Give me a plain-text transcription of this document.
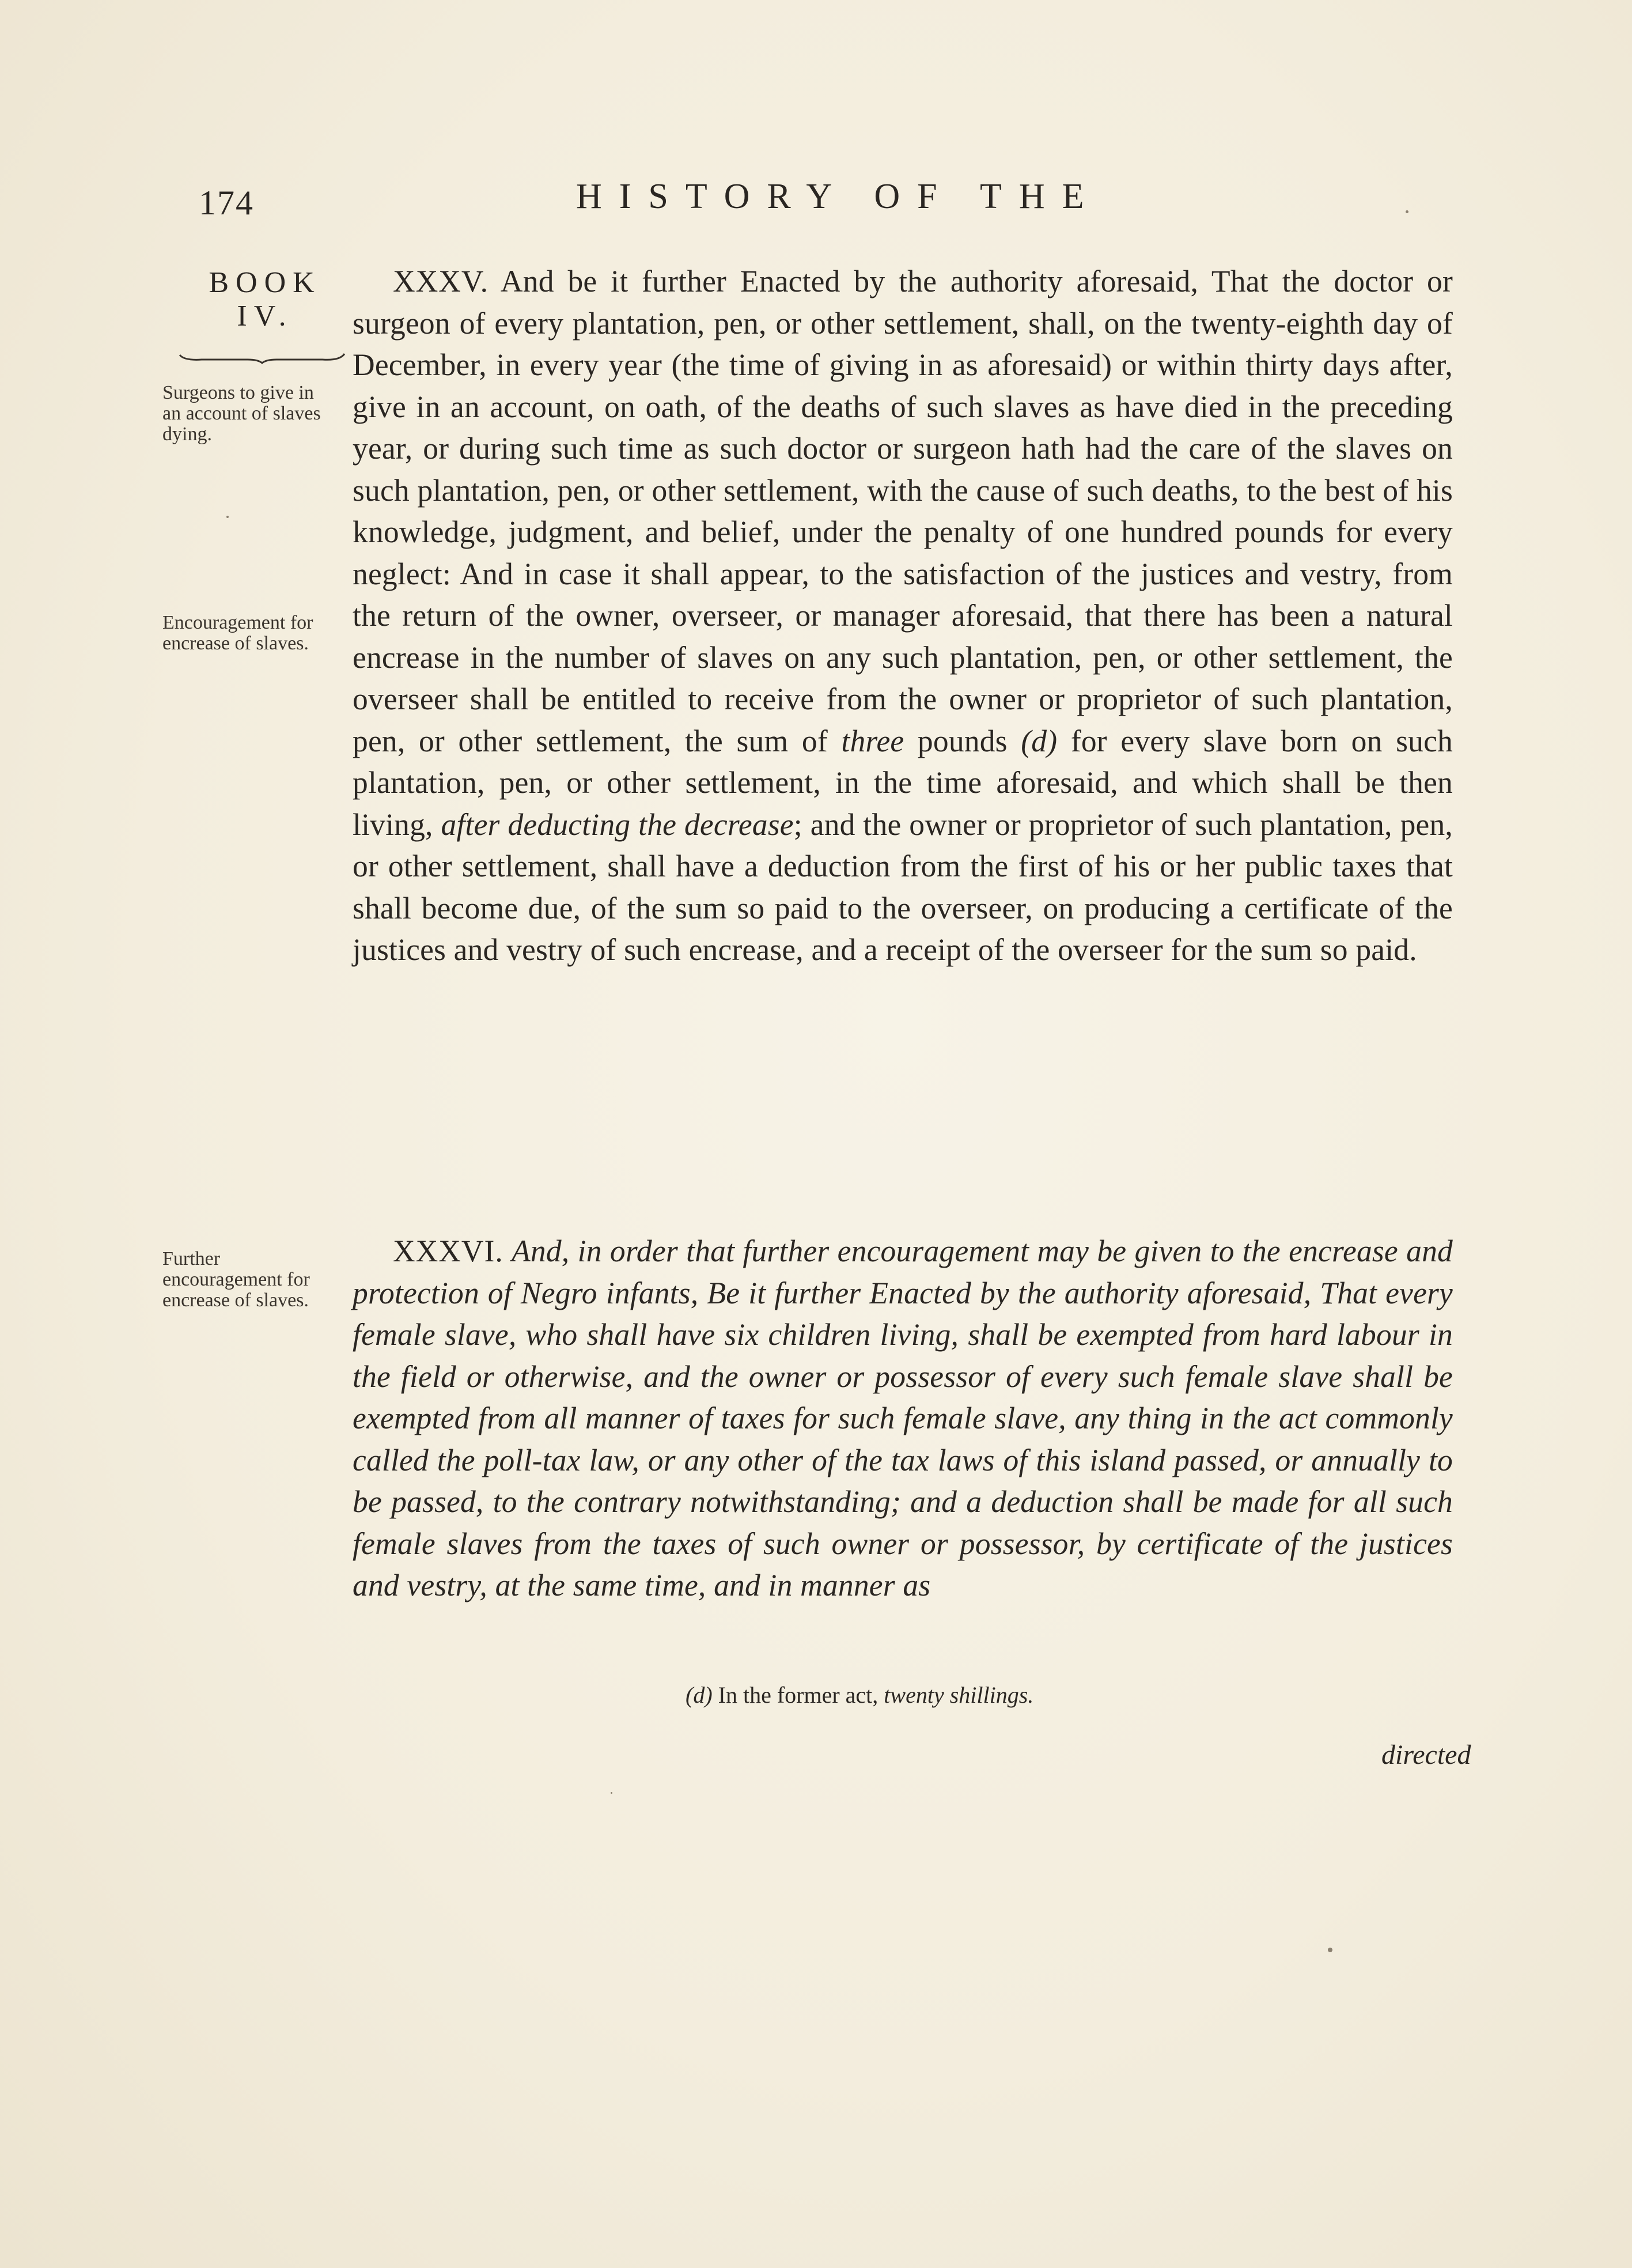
174	HISTORY OF THE
BOOK
IV.
Surgeons to give in an account of slaves dying.
Encouragement for encrease of slaves.
Further encouragement for encrease of slaves.

XXXV. And be it further Enacted by the authority aforesaid, That the doctor or surgeon of every plantation, pen, or other settlement, shall, on the twenty-eighth day of December, in every year (the time of giving in as aforesaid) or within thirty days after, give in an account, on oath, of the deaths of such slaves as have died in the preceding year, or during such time as such doctor or surgeon hath had the care of the slaves on such plantation, pen, or other settlement, with the cause of such deaths, to the best of his knowledge, judgment, and belief, under the penalty of one hundred pounds for every neglect: And in case it shall appear, to the satisfaction of the justices and vestry, from the return of the owner, overseer, or manager aforesaid, that there has been a natural encrease in the number of slaves on any such plantation, pen, or other settlement, the overseer shall be entitled to receive from the owner or proprietor of such plantation, pen, or other settlement, the sum of three pounds (d) for every slave born on such plantation, pen, or other settlement, in the time aforesaid, and which shall be then living, after deducting the decrease; and the owner or proprietor of such plantation, pen, or other settlement, shall have a deduction from the first of his or her public taxes that shall become due, of the sum so paid to the overseer, on producing a certificate of the justices and vestry of such encrease, and a receipt of the overseer for the sum so paid.

XXXVI. And, in order that further encouragement may be given to the encrease and protection of Negro infants, Be it further Enacted by the authority aforesaid, That every female slave, who shall have six children living, shall be exempted from hard labour in the field or otherwise, and the owner or possessor of every such female slave shall be exempted from all manner of taxes for such female slave, any thing in the act commonly called the poll-tax law, or any other of the tax laws of this island passed, or annually to be passed, to the contrary notwithstanding; and a deduction shall be made for all such female slaves from the taxes of such owner or possessor, by certificate of the justices and vestry, at the same time, and in manner as

(d) In the former act, twenty shillings.
directed
